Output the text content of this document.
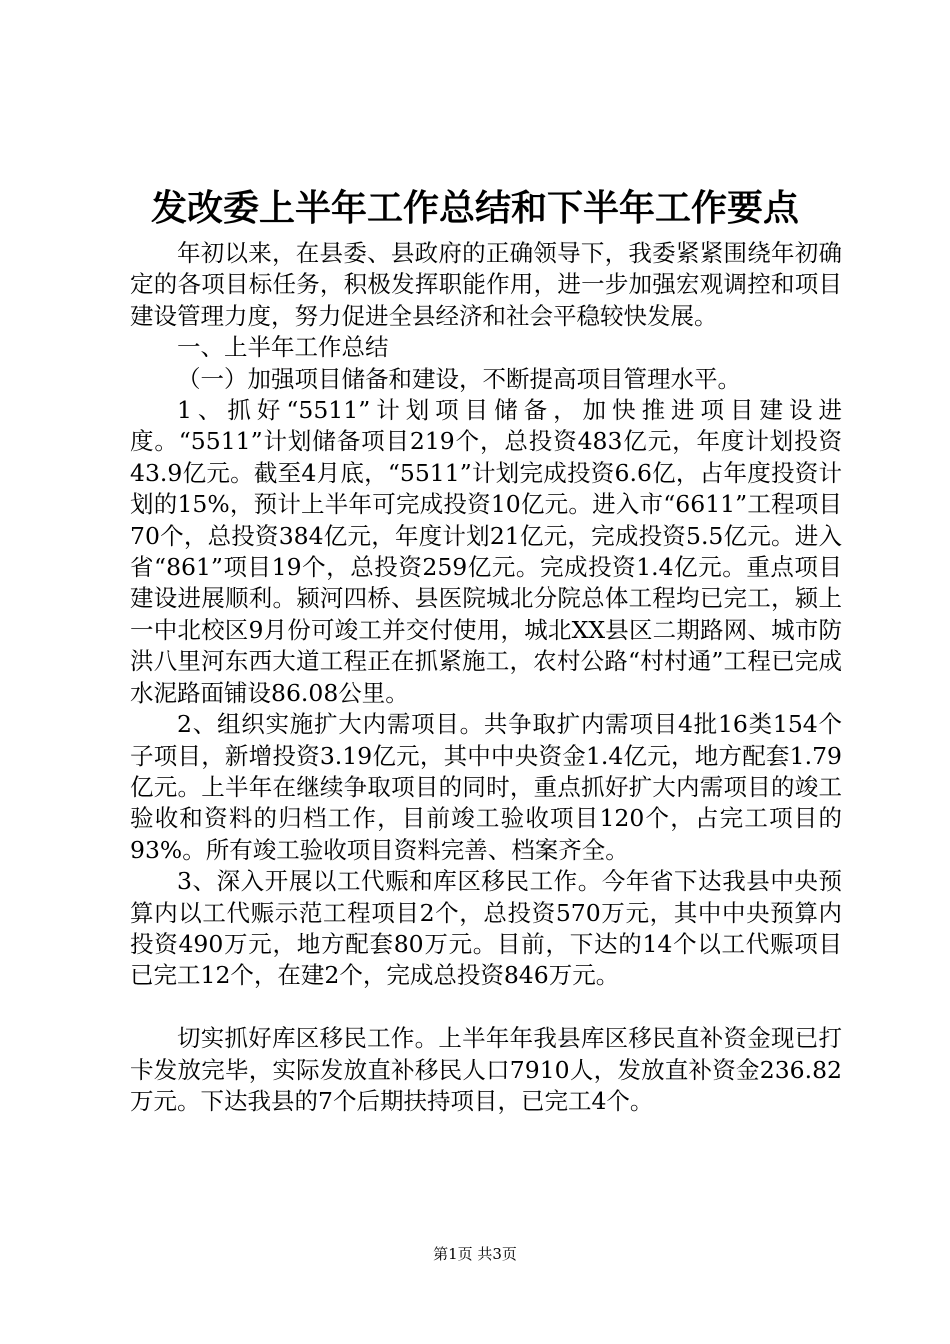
发改委上半年工作总结和下半年工作要点

年初以来，在县委、县政府的正确领导下，我委紧紧围绕年初确定的各项目标任务，积极发挥职能作用，进一步加强宏观调控和项目建设管理力度，努力促进全县经济和社会平稳较快发展。

一、上半年工作总结

（一）加强项目储备和建设，不断提高项目管理水平。

1、抓好“5511”计划项目储备，加快推进项目建设进度。“5511”计划储备项目219个，总投资483亿元，年度计划投资43.9亿元。截至4月底，“5511”计划完成投资6.6亿，占年度投资计划的15%，预计上半年可完成投资10亿元。进入市“6611”工程项目70个，总投资384亿元，年度计划21亿元，完成投资5.5亿元。进入省“861”项目19个，总投资259亿元。完成投资1.4亿元。重点项目建设进展顺利。颍河四桥、县医院城北分院总体工程均已完工，颍上一中北校区9月份可竣工并交付使用，城北XX县区二期路网、城市防洪八里河东西大道工程正在抓紧施工，农村公路“村村通”工程已完成水泥路面铺设86.08公里。

2、组织实施扩大内需项目。共争取扩内需项目4批16类154个子项目，新增投资3.19亿元，其中中央资金1.4亿元，地方配套1.79亿元。上半年在继续争取项目的同时，重点抓好扩大内需项目的竣工验收和资料的归档工作，目前竣工验收项目120个，占完工项目的93%。所有竣工验收项目资料完善、档案齐全。

3、深入开展以工代赈和库区移民工作。今年省下达我县中央预算内以工代赈示范工程项目2个，总投资570万元，其中中央预算内投资490万元，地方配套80万元。目前，下达的14个以工代赈项目已完工12个，在建2个，完成总投资846万元。

切实抓好库区移民工作。上半年年我县库区移民直补资金现已打卡发放完毕，实际发放直补移民人口7910人，发放直补资金236.82万元。下达我县的7个后期扶持项目，已完工4个。

第1页 共3页
